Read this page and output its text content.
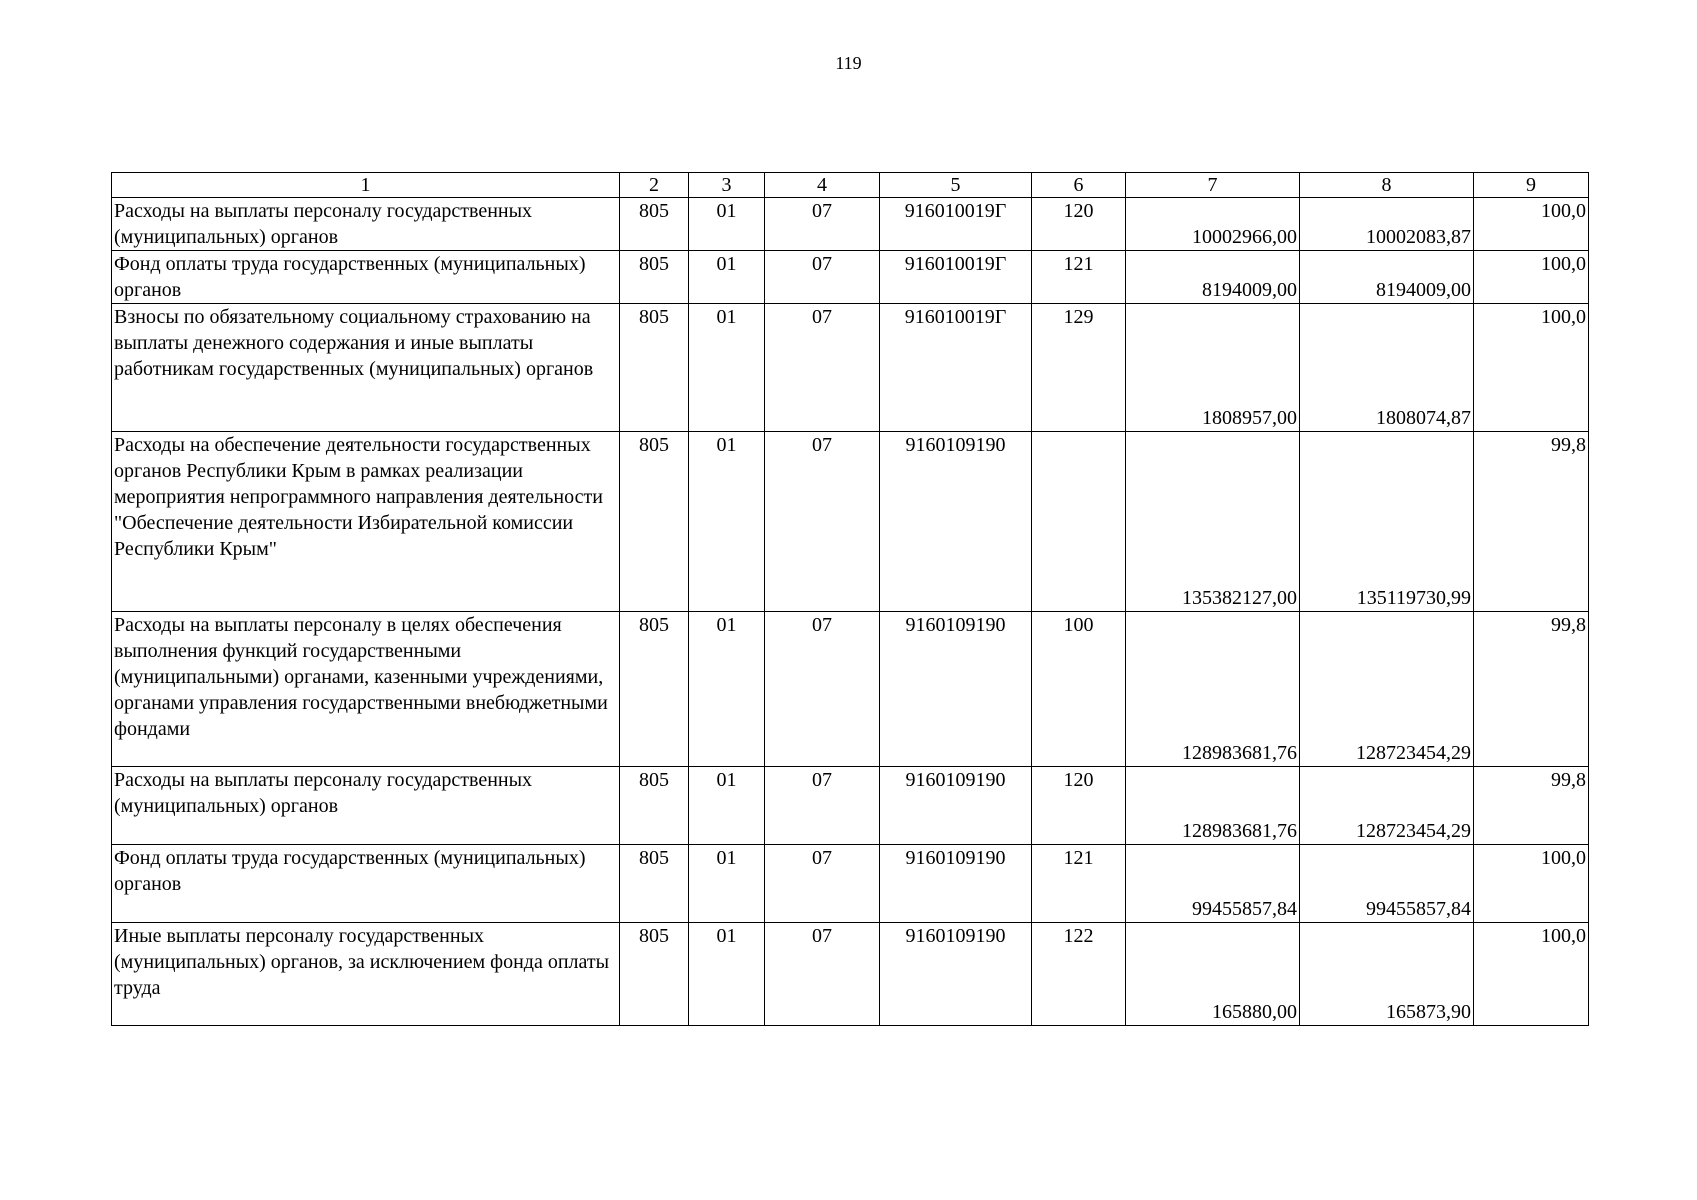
119
1	2	3	4	5	6	7	8	9
Расходы на выплаты персоналу государственных (муниципальных) органов	805	01	07	916010019Г	120	10002966,00	10002083,87	100,0
Фонд оплаты труда государственных (муниципальных) органов	805	01	07	916010019Г	121	8194009,00	8194009,00	100,0
Взносы по обязательному социальному страхованию на выплаты денежного содержания и иные выплаты работникам государственных (муниципальных) органов	805	01	07	916010019Г	129	1808957,00	1808074,87	100,0
Расходы на обеспечение деятельности государственных органов Республики Крым в рамках реализации мероприятия непрограммного направления деятельности "Обеспечение деятельности Избирательной комиссии Республики Крым"	805	01	07	9160109190		135382127,00	135119730,99	99,8
Расходы на выплаты персоналу в целях обеспечения выполнения функций государственными (муниципальными) органами, казенными учреждениями, органами управления государственными внебюджетными фондами	805	01	07	9160109190	100	128983681,76	128723454,29	99,8
Расходы на выплаты персоналу государственных (муниципальных) органов	805	01	07	9160109190	120	128983681,76	128723454,29	99,8
Фонд оплаты труда государственных (муниципальных) органов	805	01	07	9160109190	121	99455857,84	99455857,84	100,0
Иные выплаты персоналу государственных (муниципальных) органов, за исключением фонда оплаты труда	805	01	07	9160109190	122	165880,00	165873,90	100,0
